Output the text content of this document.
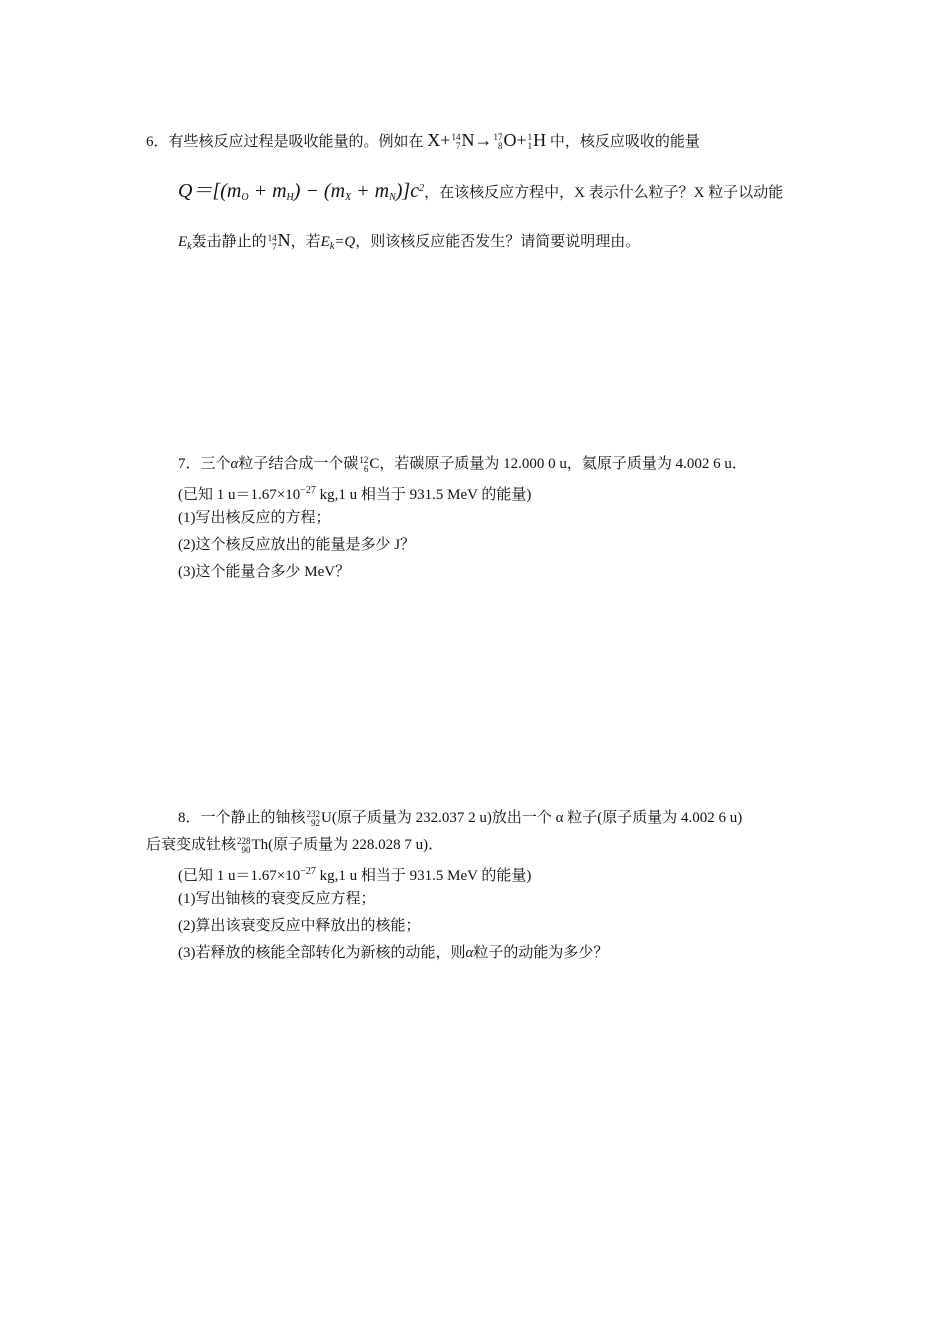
6．有些核反应过程是吸收能量的。例如在 X+ 14
7 N→ 17
8 O+ 1
1 H 中，核反应吸收的能量
$Q=[(m_O + m_H) - (m_X + m_N)]c^2$，在该核反应方程中，X 表示什么粒子？X 粒子以动能
$E_k$轰击静止的 14
7 N，若$E_k=Q$，则该核反应能否发生？请简要说明理由。
7．三个α粒子结合成一个碳 12
6 C，若碳原子质量为 12.000 0 u，氦原子质量为 4.002 6 u．
(已知 1 $u=1.67\times 10^{-27}$ kg,1 u 相当于 931.5 MeV 的能量)
(1)写出核反应的方程；
(2)这个核反应放出的能量是多少 J？
(3)这个能量合多少 MeV？
8．一个静止的铀核 232
92 U(原子质量为 232.037 2 u)放出一个 α 粒子(原子质量为 4.002 6 u)
后衰变成钍核 228
90 Th(原子质量为 228.028 7 u)．
(已知 1 $u=1.67\times 10^{-27}$ kg,1 u 相当于 931.5 MeV 的能量)
(1)写出铀核的衰变反应方程；
(2)算出该衰变反应中释放出的核能；
(3)若释放的核能全部转化为新核的动能，则α粒子的动能为多少？
